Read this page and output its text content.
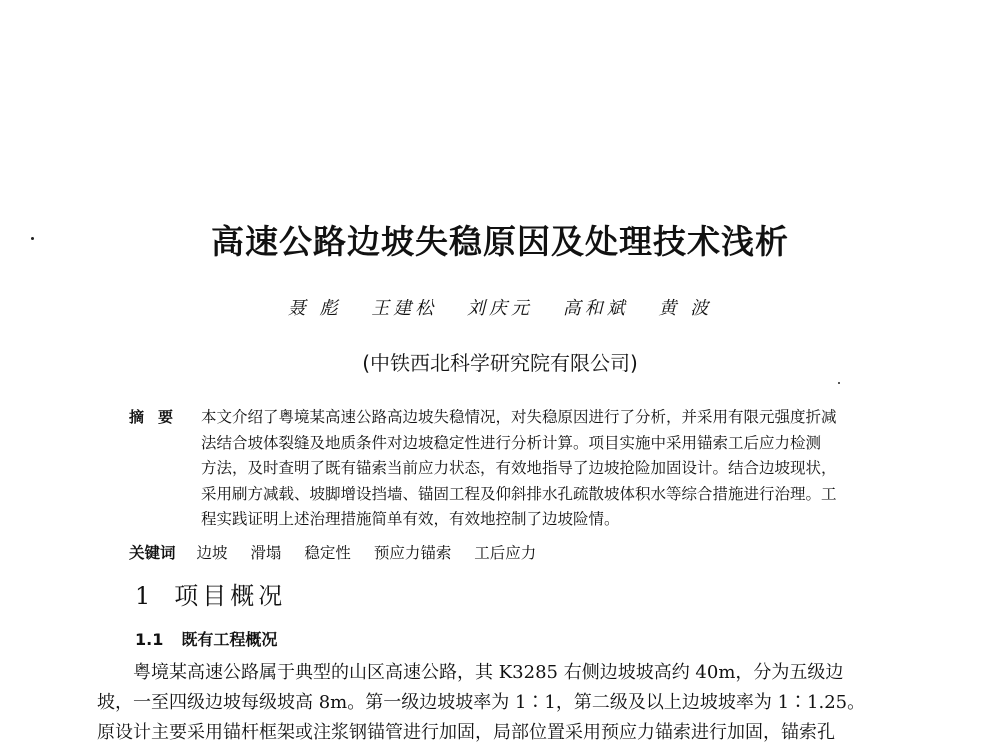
高速公路边坡失稳原因及处理技术浅析
聂 彪 王建松 刘庆元 高和斌 黄 波
(中铁西北科学研究院有限公司)
摘要 本文介绍了粤境某高速公路高边坡失稳情况，对失稳原因进行了分析，并采用有限元强度折减
法结合坡体裂缝及地质条件对边坡稳定性进行分析计算。项目实施中采用锚索工后应力检测
方法，及时查明了既有锚索当前应力状态，有效地指导了边坡抢险加固设计。结合边坡现状，
采用刷方减载、坡脚增设挡墙、锚固工程及仰斜排水孔疏散坡体积水等综合措施进行治理。工
程实践证明上述治理措施简单有效，有效地控制了边坡险情。
关键词 边坡 滑塌 稳定性 预应力锚索 工后应力
1 项目概况
1.1 既有工程概况
粤境某高速公路属于典型的山区高速公路，其 K3285 右侧边坡坡高约 40m，分为五级边
坡，一至四级边坡每级坡高 8m。第一级边坡坡率为 1∶1，第二级及以上边坡坡率为 1∶1.25。
原设计主要采用锚杆框架或注浆钢锚管进行加固，局部位置采用预应力锚索进行加固，锚索孔
